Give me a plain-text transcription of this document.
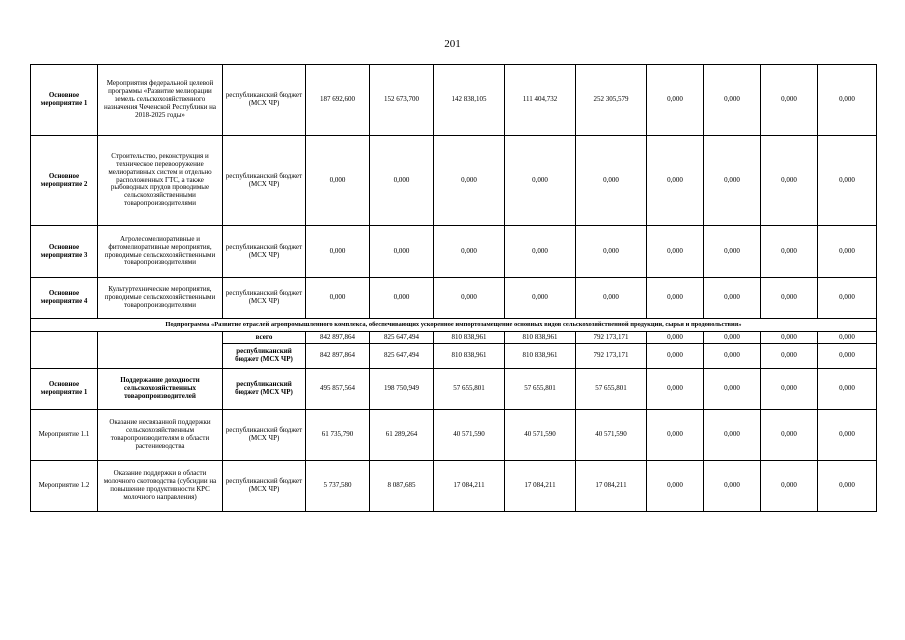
201
Основное мероприятие 1	Мероприятия федеральной целевой программы «Развитие мелиорации земель сельскохозяйственного назначения Чеченской Республики на 2018-2025 годы»	республиканский бюджет (МСХ ЧР)	187 692,600	152 673,700	142 838,105	111 404,732	252 305,579	0,000	0,000	0,000	0,000
Основное мероприятие 2	Строительство, реконструкция и техническое перевооружение мелиоративных систем и отдельно расположенных ГТС, а также рыбоводных прудов проводимые сельскохозяйственными товаропроизводителями	республиканский бюджет (МСХ ЧР)	0,000	0,000	0,000	0,000	0,000	0,000	0,000	0,000	0,000
Основное мероприятие 3	Агролесомелиоративные и фитомелиоративные мероприятия, проводимые сельскохозяйственными товаропроизводителями	республиканский бюджет (МСХ ЧР)	0,000	0,000	0,000	0,000	0,000	0,000	0,000	0,000	0,000
Основное мероприятие 4	Культуртехнические мероприятия, проводимые сельскохозяйственными товаропроизводителями	республиканский бюджет (МСХ ЧР)	0,000	0,000	0,000	0,000	0,000	0,000	0,000	0,000	0,000
Подпрограмма «Развитие отраслей агропромышленного комплекса, обеспечивающих ускоренное импортозамещение основных видов сельскохозяйственной продукции, сырья и продовольствия»											
		всего	842 897,864	825 647,494	810 838,961	810 838,961	792 173,171	0,000	0,000	0,000	0,000
		республиканский бюджет (МСХ ЧР)	842 897,864	825 647,494	810 838,961	810 838,961	792 173,171	0,000	0,000	0,000	0,000
Основное мероприятие 1	Поддержание доходности сельскохозяйственных товаропроизводителей	республиканский бюджет (МСХ ЧР)	495 857,564	198 750,949	57 655,801	57 655,801	57 655,801	0,000	0,000	0,000	0,000
Мероприятие 1.1	Оказание несвязанной поддержки сельскохозяйственным товаропроизводителям в области растениеводства	республиканский бюджет (МСХ ЧР)	61 735,790	61 289,264	40 571,590	40 571,590	40 571,590	0,000	0,000	0,000	0,000
Мероприятие 1.2	Оказание поддержки в области молочного скотоводства (субсидии на повышение продуктивности КРС молочного направления)	республиканский бюджет (МСХ ЧР)	5 737,580	8 087,685	17 084,211	17 084,211	17 084,211	0,000	0,000	0,000	0,000
